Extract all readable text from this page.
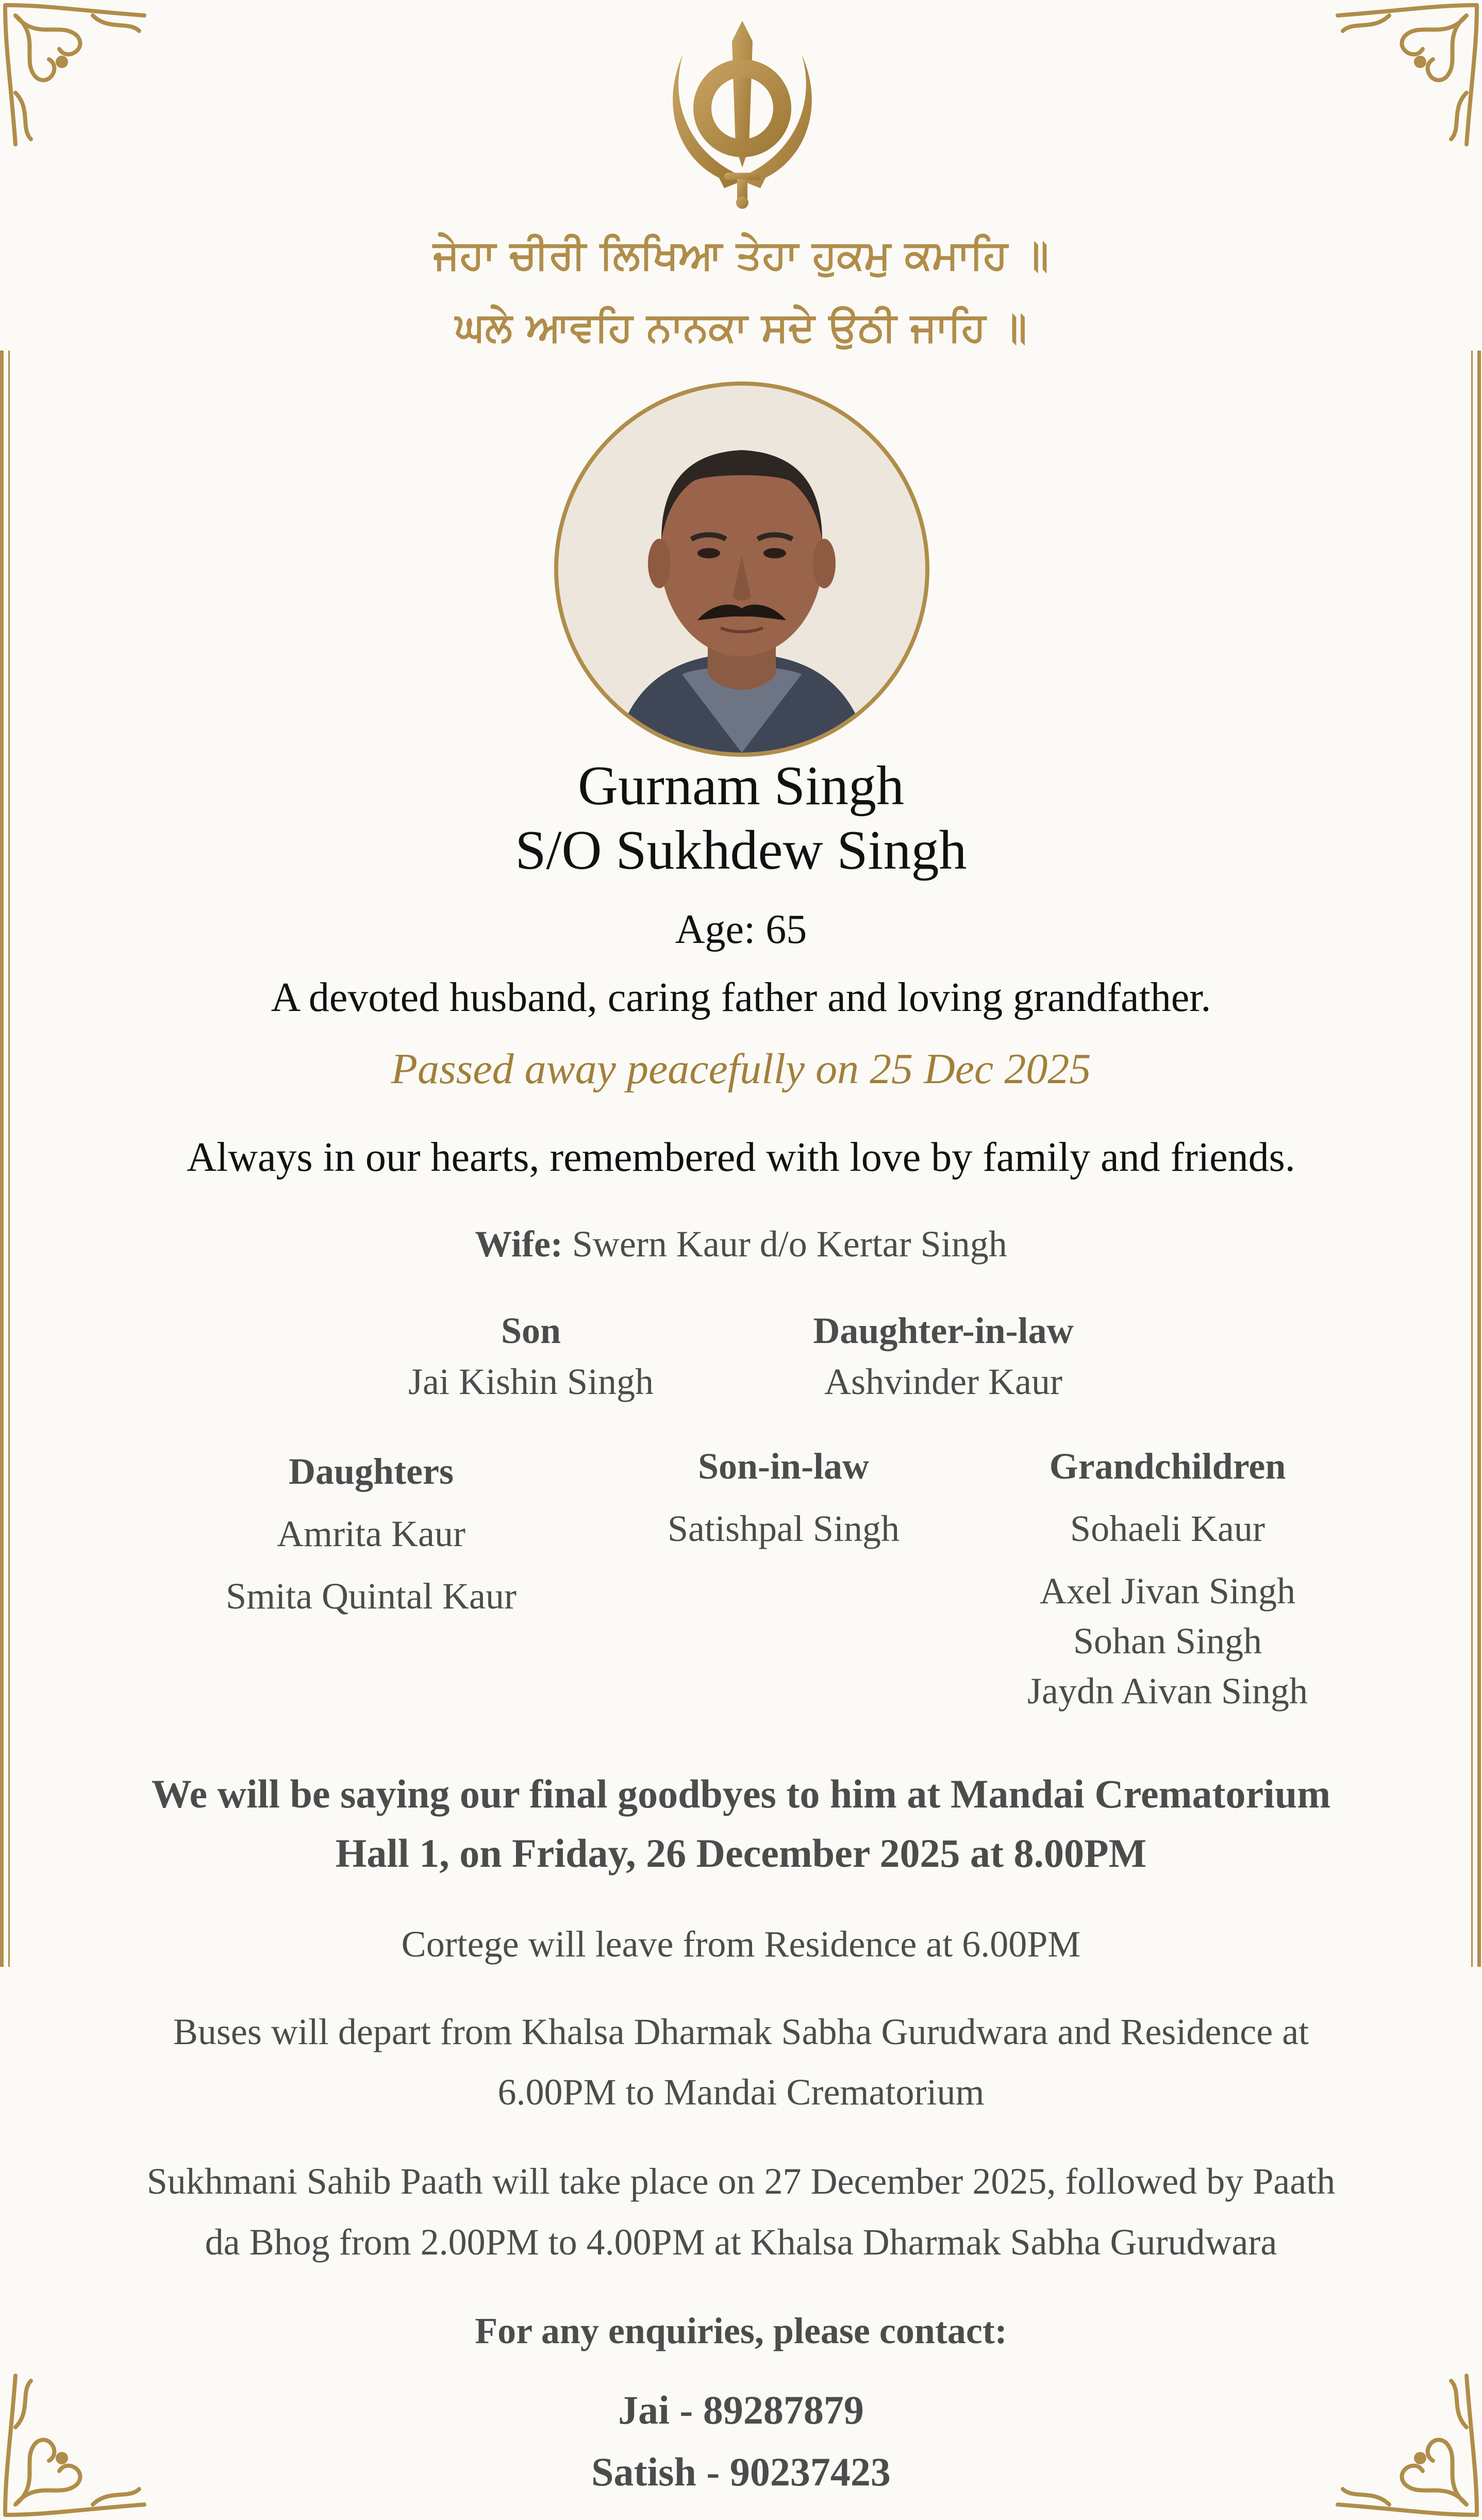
ਜੇਹਾ ਚੀਰੀ ਲਿਖਿਆ ਤੇਹਾ ਹੁਕਮੁ ਕਮਾਹਿ ॥
ਘਲੇ ਆਵਹਿ ਨਾਨਕਾ ਸਦੇ ਉਠੀ ਜਾਹਿ ॥
Gurnam Singh
S/O Sukhdew Singh
Age: 65
A devoted husband, caring father and loving grandfather.
Passed away peacefully on 25 Dec 2025
Always in our hearts, remembered with love by family and friends.
Wife: Swern Kaur d/o Kertar Singh
Son
Jai Kishin Singh
Daughter-in-law
Ashvinder Kaur
Daughters
Amrita Kaur
Smita Quintal Kaur
Son-in-law
Satishpal Singh
Grandchildren
Sohaeli Kaur
Axel Jivan Singh
Sohan Singh
Jaydn Aivan Singh
We will be saying our final goodbyes to him at Mandai Crematorium
Hall 1, on Friday, 26 December 2025 at 8.00PM
Cortege will leave from Residence at 6.00PM
Buses will depart from Khalsa Dharmak Sabha Gurudwara and Residence at
6.00PM to Mandai Crematorium
Sukhmani Sahib Paath will take place on 27 December 2025, followed by Paath
da Bhog from 2.00PM to 4.00PM at Khalsa Dharmak Sabha Gurudwara
For any enquiries, please contact:
Jai - 89287879
Satish - 90237423
